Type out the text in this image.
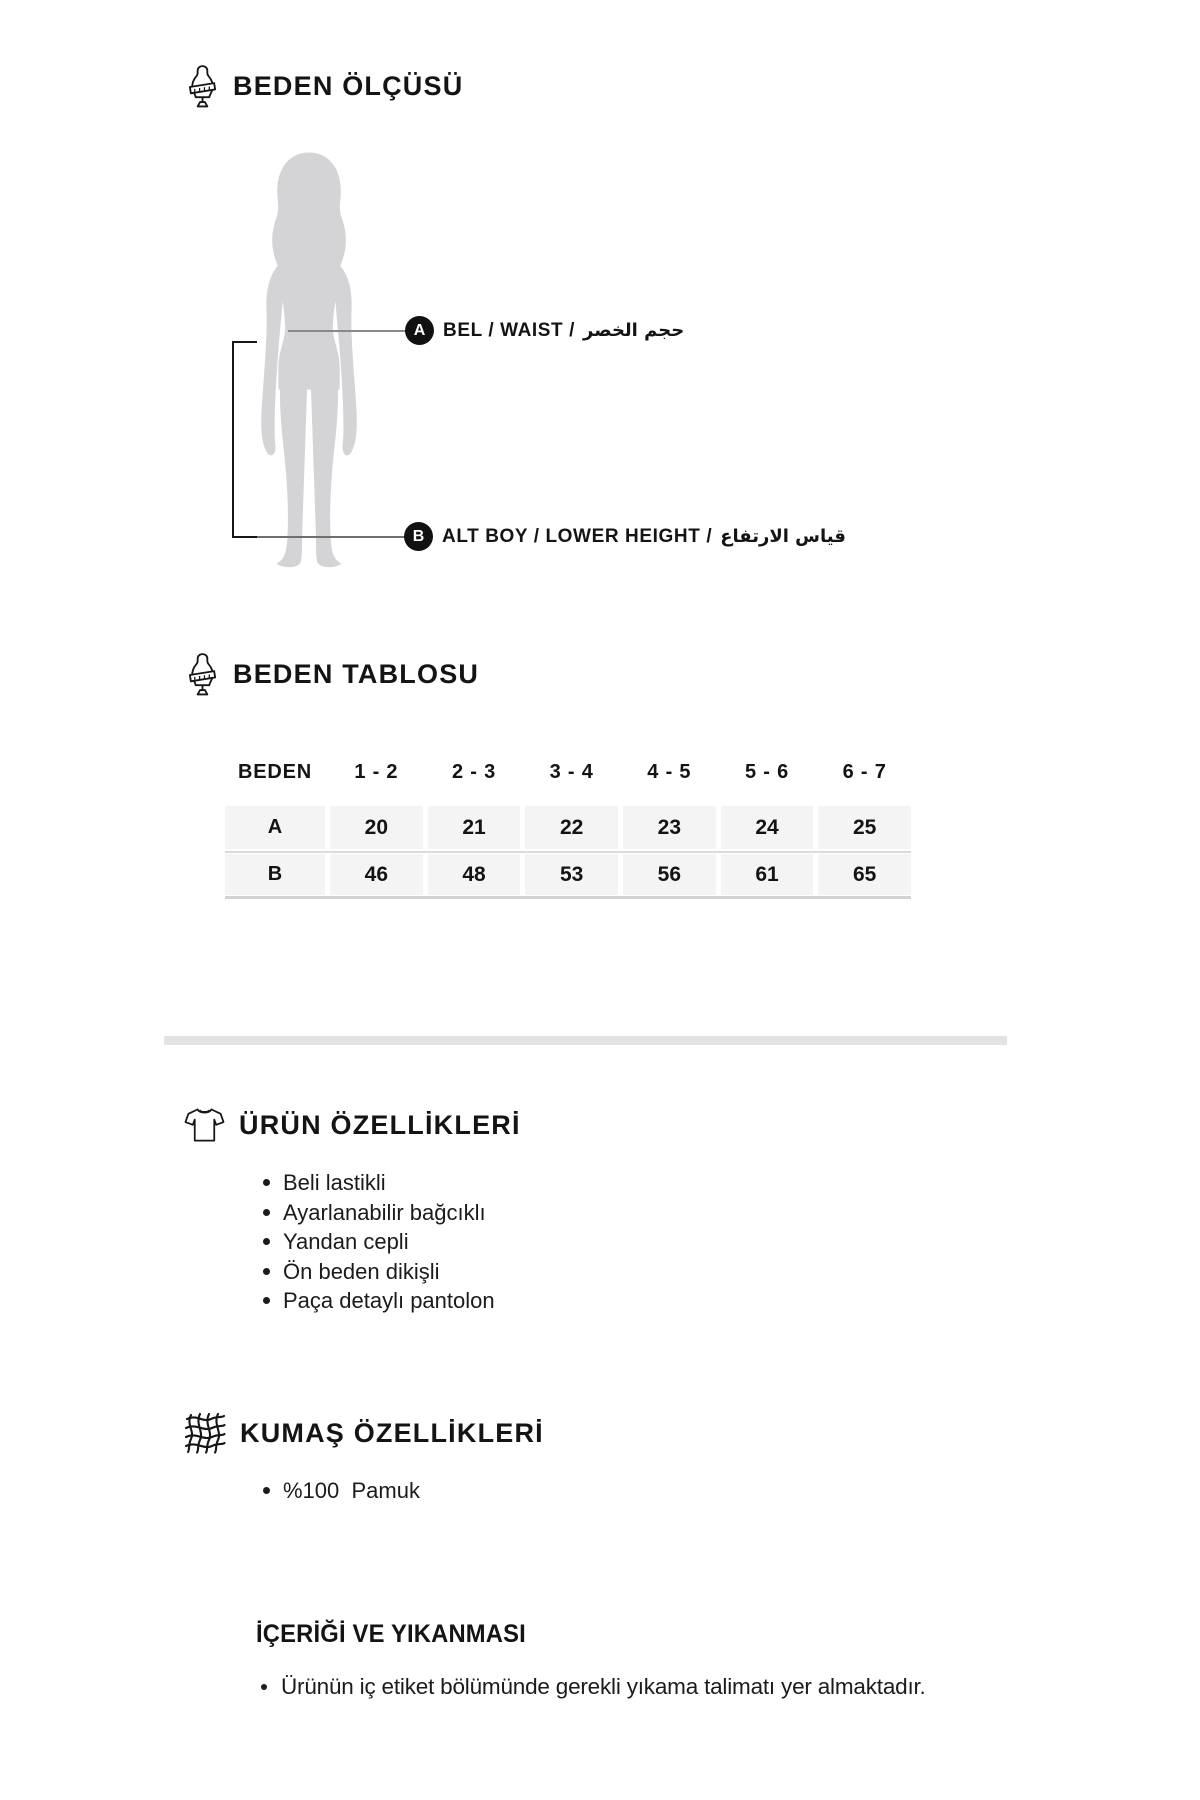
BEDEN ÖLÇÜSÜ
A BEL / WAIST / حجم الخصر
B ALT BOY / LOWER HEIGHT / قياس الارتفاع
BEDEN TABLOSU
BEDEN	1 - 2	2 - 3	3 - 4	4 - 5	5 - 6	6 - 7
A	20	21	22	23	24	25
B	46	48	53	56	61	65
ÜRÜN ÖZELLİKLERİ
Beli lastikli
Ayarlanabilir bağcıklı
Yandan cepli
Ön beden dikişli
Paça detaylı pantolon
KUMAŞ ÖZELLİKLERİ
%100  Pamuk
İÇERİĞİ VE YIKANMASI
Ürünün iç etiket bölümünde gerekli yıkama talimatı yer almaktadır.
